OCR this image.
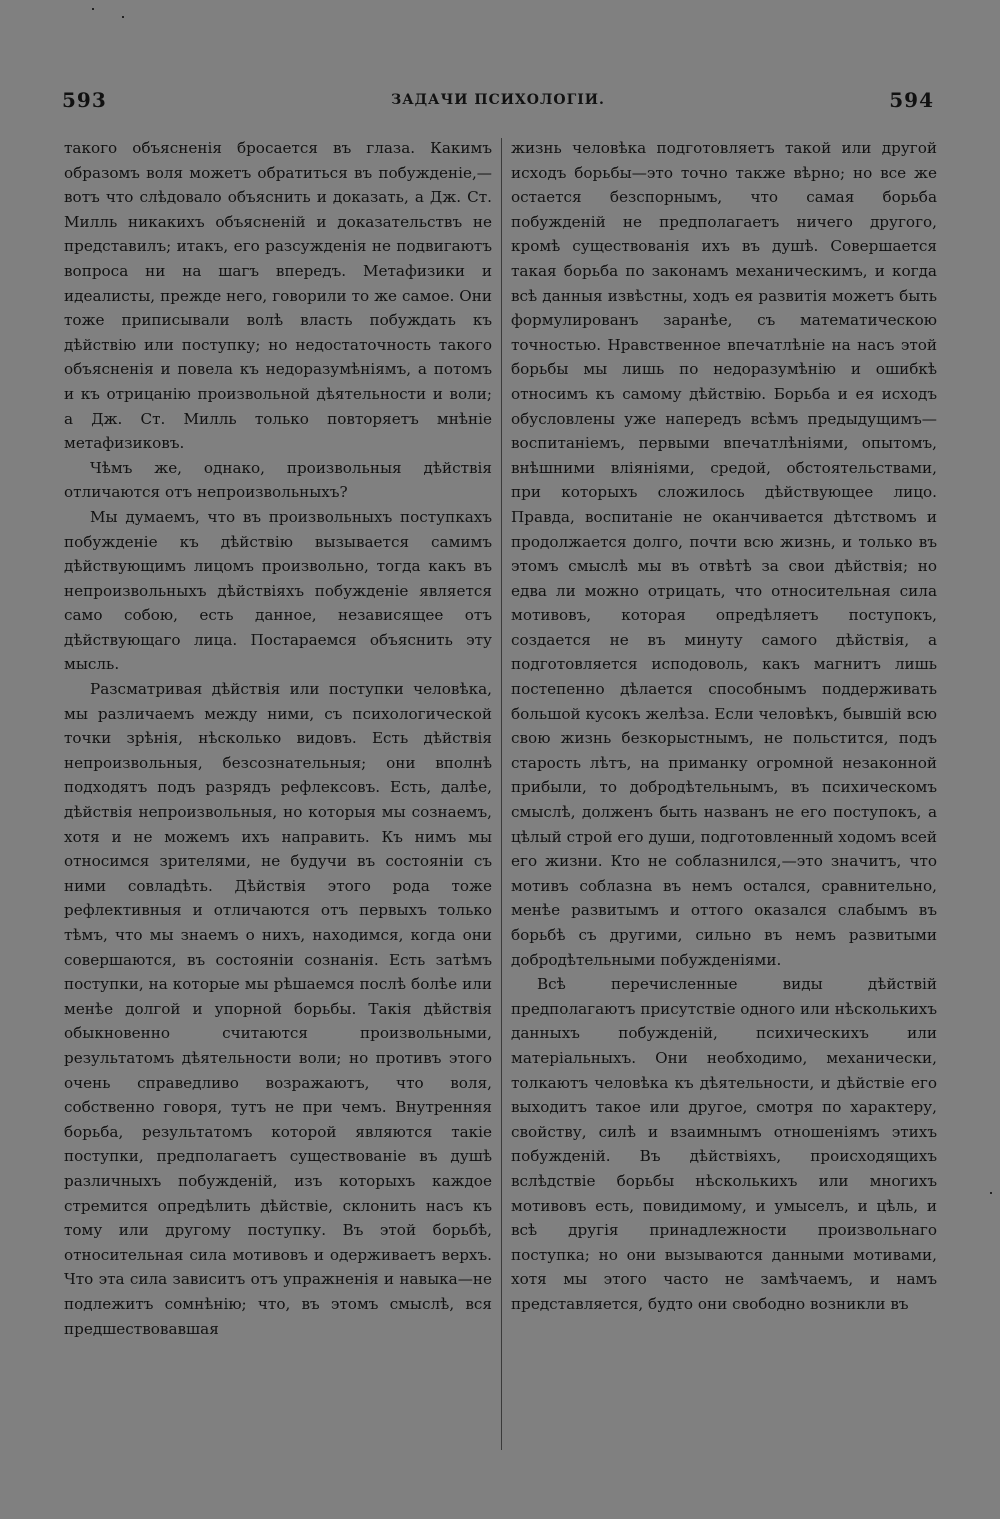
593	ЗАДАЧИ ПСИХОЛОГІИ.	594

такого объясненія бросается въ глаза. Какимъ образомъ воля можетъ обратиться въ побужденіе,—вотъ что слѣдовало объяснить и доказать, а Дж. Ст. Милль никакихъ объясненій и доказательствъ не представилъ; итакъ, его разсужденія не подвигаютъ вопроса ни на шагъ впередъ. Метафизики и идеалисты, прежде него, говорили то же самое. Они тоже приписывали волѣ власть побуждать къ дѣйствію или поступку; но недостаточность такого объясненія и повела къ недоразумѣніямъ, а потомъ и къ отрицанію произвольной дѣятельности и воли; а Дж. Ст. Милль только повторяетъ мнѣніе метафизиковъ.

Чѣмъ же, однако, произвольныя дѣйствія отличаются отъ непроизвольныхъ?

Мы думаемъ, что въ произвольныхъ поступкахъ побужденіе къ дѣйствію вызывается самимъ дѣйствующимъ лицомъ произвольно, тогда какъ въ непроизвольныхъ дѣйствіяхъ побужденіе является само собою, есть данное, независящее отъ дѣйствующаго лица. Постараемся объяснить эту мысль.

Разсматривая дѣйствія или поступки человѣка, мы различаемъ между ними, съ психологической точки зрѣнія, нѣсколько видовъ. Есть дѣйствія непроизвольныя, безсознательныя; они вполнѣ подходятъ подъ разрядъ рефлексовъ. Есть, далѣе, дѣйствія непроизвольныя, но которыя мы сознаемъ, хотя и не можемъ ихъ направить. Къ нимъ мы относимся зрителями, не будучи въ состояніи съ ними совладѣть. Дѣйствія этого рода тоже рефлективныя и отличаются отъ первыхъ только тѣмъ, что мы знаемъ о нихъ, находимся, когда они совершаются, въ состояніи сознанія. Есть затѣмъ поступки, на которые мы рѣшаемся послѣ болѣе или менѣе долгой и упорной борьбы. Такія дѣйствія обыкновенно считаются произвольными, результатомъ дѣятельности воли; но противъ этого очень справедливо возражаютъ, что воля, собственно говоря, тутъ не при чемъ. Внутренняя борьба, результатомъ которой являются такіе поступки, предполагаетъ существованіе въ душѣ различныхъ побужденій, изъ которыхъ каждое стремится опредѣлить дѣйствіе, склонить насъ къ тому или другому поступку. Въ этой борьбѣ, относительная сила мотивовъ и одерживаетъ верхъ. Что эта сила зависитъ отъ упражненія и навыка—не подлежитъ сомнѣнію; что, въ этомъ смыслѣ, вся предшествовавшая

жизнь человѣка подготовляетъ такой или другой исходъ борьбы—это точно также вѣрно; но все же остается безспорнымъ, что самая борьба побужденій не предполагаетъ ничего другого, кромѣ существованія ихъ въ душѣ. Совершается такая борьба по законамъ механическимъ, и когда всѣ данныя извѣстны, ходъ ея развитія можетъ быть формулированъ заранѣе, съ математическою точностью. Нравственное впечатлѣніе на насъ этой борьбы мы лишь по недоразумѣнію и ошибкѣ относимъ къ самому дѣйствію. Борьба и ея исходъ обусловлены уже напередъ всѣмъ предыдущимъ—воспитаніемъ, первыми впечатлѣніями, опытомъ, внѣшними вліяніями, средой, обстоятельствами, при которыхъ сложилось дѣйствующее лицо. Правда, воспитаніе не оканчивается дѣтствомъ и продолжается долго, почти всю жизнь, и только въ этомъ смыслѣ мы въ отвѣтѣ за свои дѣйствія; но едва ли можно отрицать, что относительная сила мотивовъ, которая опредѣляетъ поступокъ, создается не въ минуту самого дѣйствія, а подготовляется исподоволь, какъ магнитъ лишь постепенно дѣлается способнымъ поддерживать большой кусокъ желѣза. Если человѣкъ, бывшій всю свою жизнь безкорыстнымъ, не польстится, подъ старость лѣтъ, на приманку огромной незаконной прибыли, то добродѣтельнымъ, въ психическомъ смыслѣ, долженъ быть названъ не его поступокъ, а цѣлый строй его души, подготовленный ходомъ всей его жизни. Кто не соблазнился,—это значитъ, что мотивъ соблазна въ немъ остался, сравнительно, менѣе развитымъ и оттого оказался слабымъ въ борьбѣ съ другими, сильно въ немъ развитыми добродѣтельными побужденіями.

Всѣ перечисленные виды дѣйствій предполагаютъ присутствіе одного или нѣсколькихъ данныхъ побужденій, психическихъ или матеріальныхъ. Они необходимо, механически, толкаютъ человѣка къ дѣятельности, и дѣйствіе его выходитъ такое или другое, смотря по характеру, свойству, силѣ и взаимнымъ отношеніямъ этихъ побужденій. Въ дѣйствіяхъ, происходящихъ вслѣдствіе борьбы нѣсколькихъ или многихъ мотивовъ есть, повидимому, и умыселъ, и цѣль, и всѣ другія принадлежности произвольнаго поступка; но они вызываются данными мотивами, хотя мы этого часто не замѣчаемъ, и намъ представляется, будто они свободно возникли въ
